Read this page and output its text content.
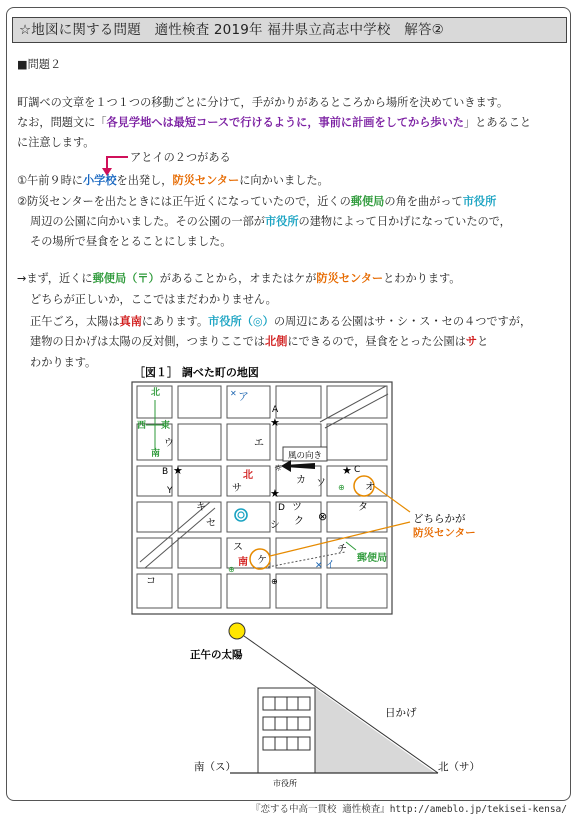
☆地図に関する問題　適性検査 2019年 福井県立高志中学校　解答②
■問題２
町調べの文章を１つ１つの移動ごとに分けて，手がかりがあるところから場所を決めていきます。
なお，問題文に「各見学地へは最短コースで行けるように，事前に計画をしてから歩いた」とあること
に注意します。
アとイの２つがある
①午前９時に小学校を出発し，防災センターに向かいました。
②防災センターを出たときには正午近くになっていたので，近くの郵便局の角を曲がって市役所
周辺の公園に向かいました。その公園の一部が市役所の建物によって日かげになっていたので，
その場所で昼食をとることにしました。
→まず，近くに郵便局（〒）があることから，オまたはケが防災センターとわかります。
どちらが正しいか，ここではまだわかりません。
正午ごろ，太陽は真南にあります。市役所（◎）の周辺にある公園はサ・シ・ス・セの４つですが，
建物の日かげは太陽の反対側，つまりここでは北側にできるので，昼食をとった公園はサと
わかります。
［図１］ 調べた町の地図
北
西 東
南
ア
✕
ウ	エ
A
★
B ★
Y
北
サ
☼
風の向き
カ ソ
★ C
⊕ オ
★
D
キ
セ
ツ
ク ⊗
タ
シ
ス	チ
南 ケ
⊕	✕ イ
郵便局
コ	⊕
どちらかが
防災センター
正午の太陽
日かげ
南（ス）	北（サ）
市役所
『恋する中高一貫校 適性検査』http://ameblo.jp/tekisei-kensa/
